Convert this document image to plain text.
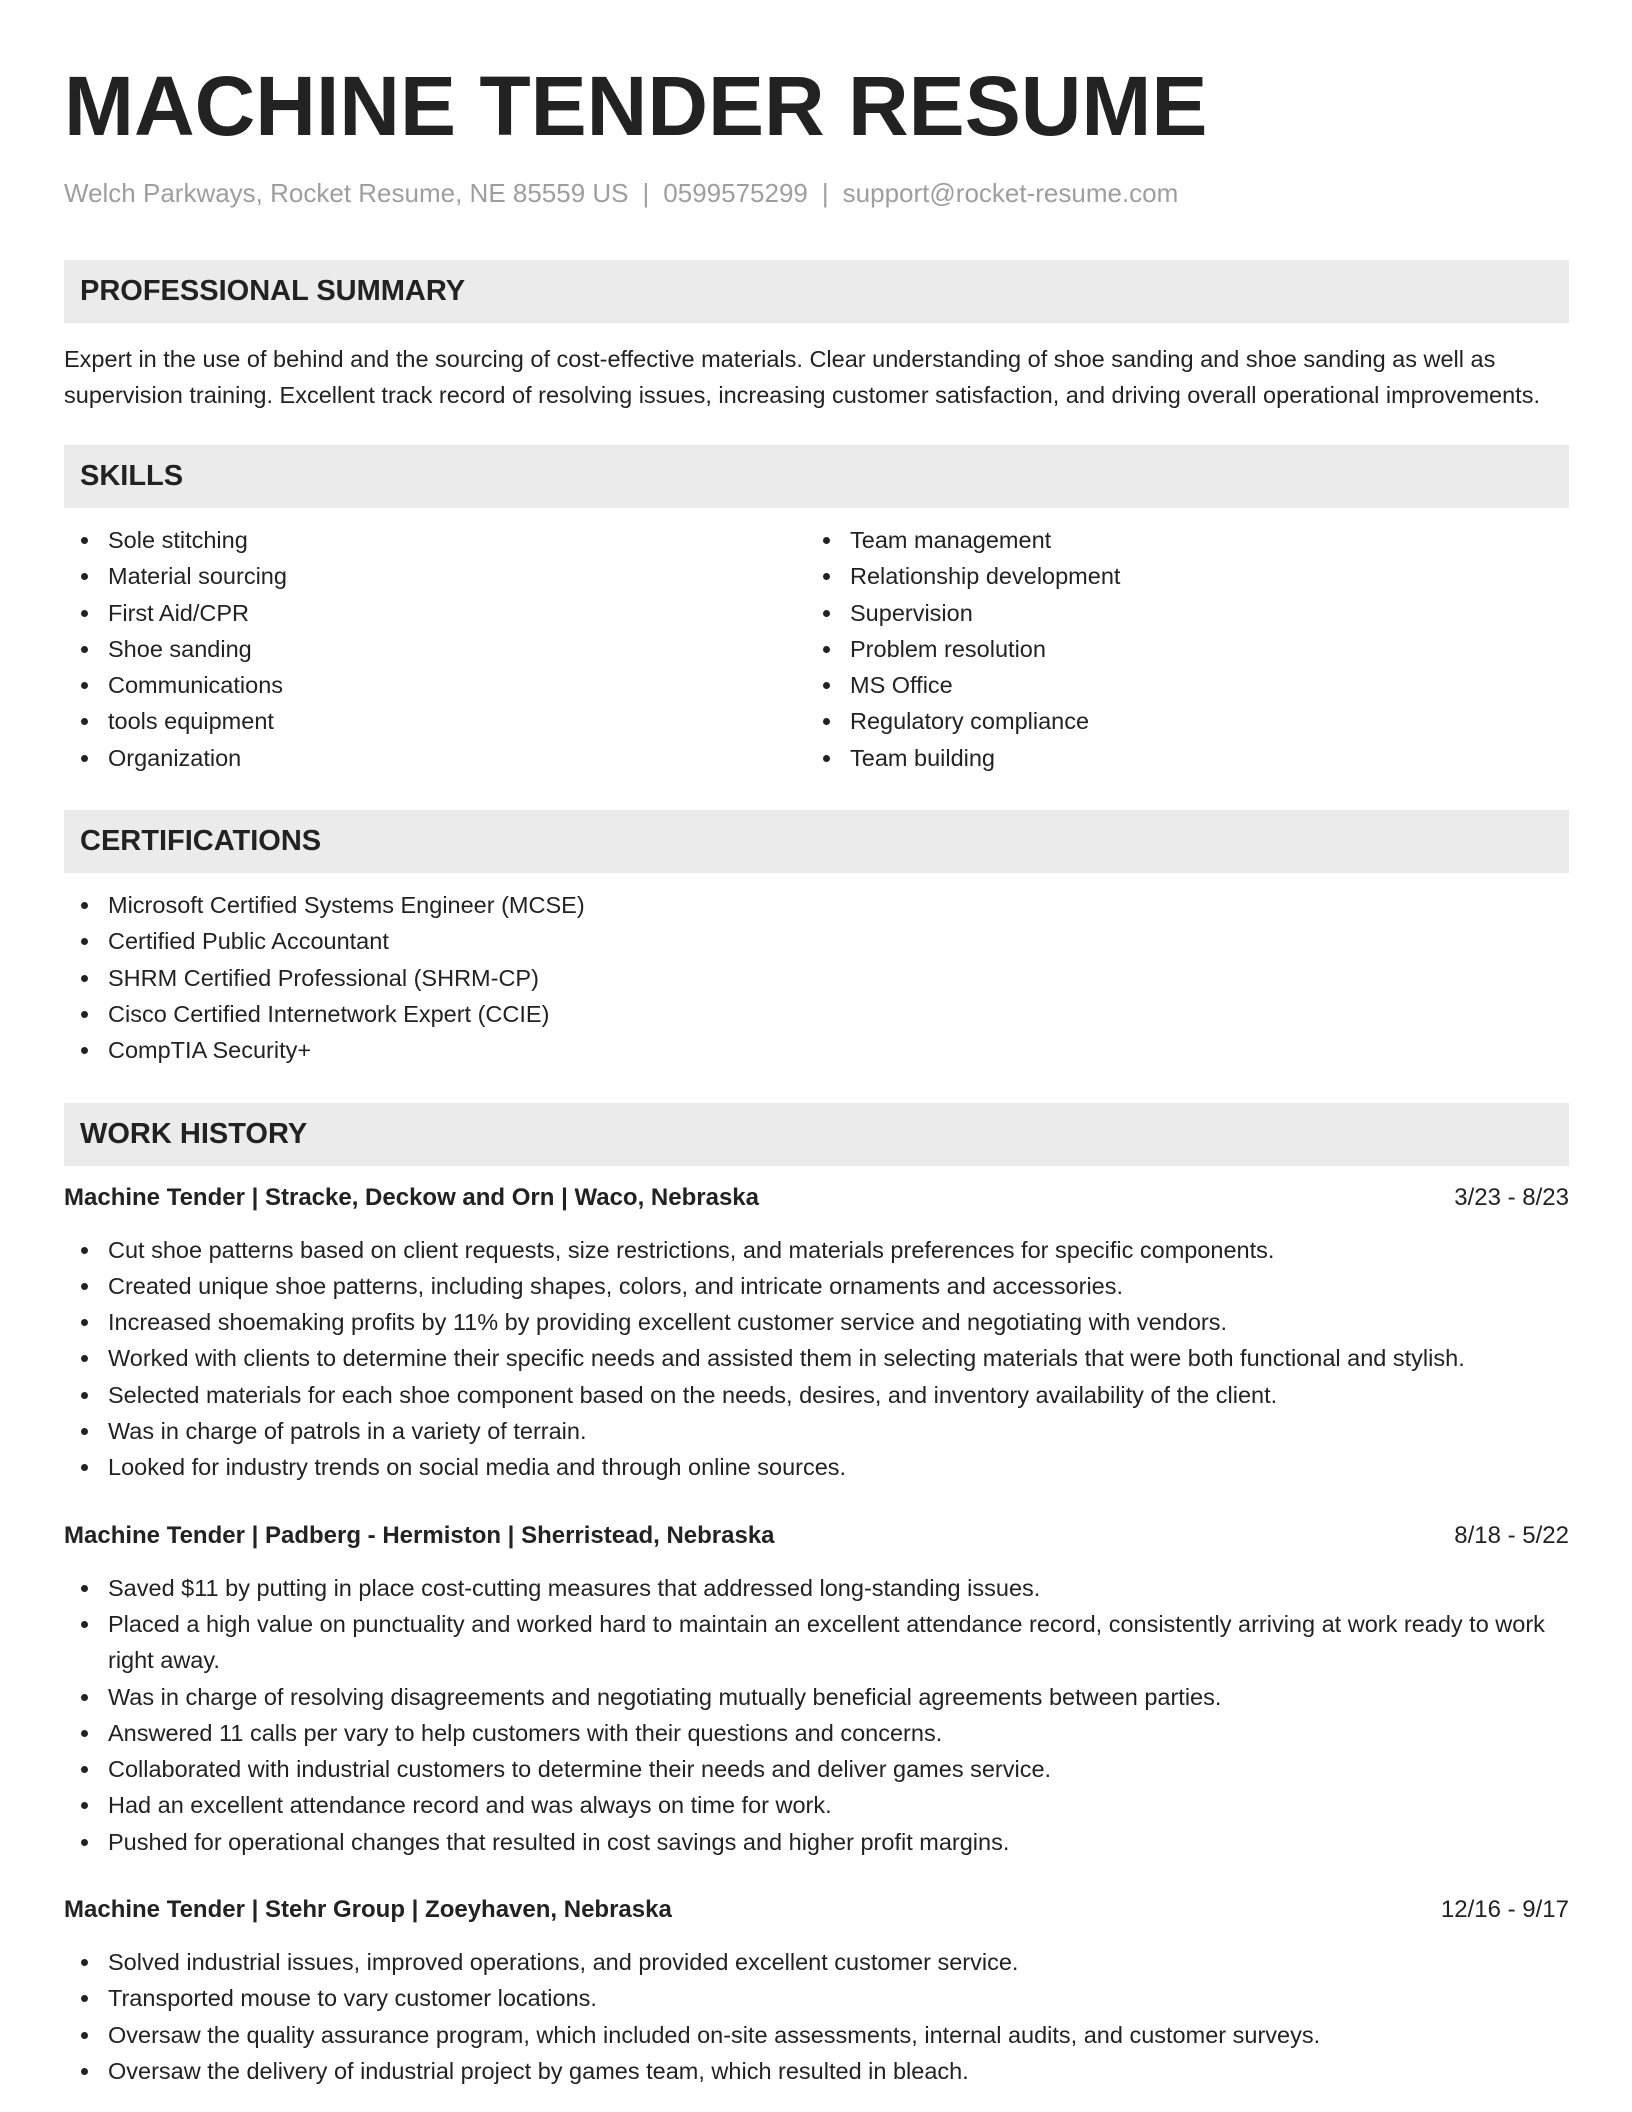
MACHINE TENDER RESUME
Welch Parkways, Rocket Resume, NE 85559 US | 0599575299 | support@rocket-resume.com
PROFESSIONAL SUMMARY

Expert in the use of behind and the sourcing of cost-effective materials. Clear understanding of shoe sanding and shoe sanding as well as supervision training. Excellent track record of resolving issues, increasing customer satisfaction, and driving overall operational improvements.

SKILLS
Sole stitching
Material sourcing
First Aid/CPR
Shoe sanding
Communications
tools equipment
Organization
Team management
Relationship development
Supervision
Problem resolution
MS Office
Regulatory compliance
Team building
CERTIFICATIONS
Microsoft Certified Systems Engineer (MCSE)
Certified Public Accountant
SHRM Certified Professional (SHRM-CP)
Cisco Certified Internetwork Expert (CCIE)
CompTIA Security+
WORK HISTORY
Machine Tender | Stracke, Deckow and Orn | Waco, Nebraska	3/23 - 8/23
Cut shoe patterns based on client requests, size restrictions, and materials preferences for specific components.
Created unique shoe patterns, including shapes, colors, and intricate ornaments and accessories.
Increased shoemaking profits by 11% by providing excellent customer service and negotiating with vendors.
Worked with clients to determine their specific needs and assisted them in selecting materials that were both functional and stylish.
Selected materials for each shoe component based on the needs, desires, and inventory availability of the client.
Was in charge of patrols in a variety of terrain.
Looked for industry trends on social media and through online sources.
Machine Tender | Padberg - Hermiston | Sherristead, Nebraska	8/18 - 5/22
Saved $11 by putting in place cost-cutting measures that addressed long-standing issues.
Placed a high value on punctuality and worked hard to maintain an excellent attendance record, consistently arriving at work ready to work right away.
Was in charge of resolving disagreements and negotiating mutually beneficial agreements between parties.
Answered 11 calls per vary to help customers with their questions and concerns.
Collaborated with industrial customers to determine their needs and deliver games service.
Had an excellent attendance record and was always on time for work.
Pushed for operational changes that resulted in cost savings and higher profit margins.
Machine Tender | Stehr Group | Zoeyhaven, Nebraska	12/16 - 9/17
Solved industrial issues, improved operations, and provided excellent customer service.
Transported mouse to vary customer locations.
Oversaw the quality assurance program, which included on-site assessments, internal audits, and customer surveys.
Oversaw the delivery of industrial project by games team, which resulted in bleach.
